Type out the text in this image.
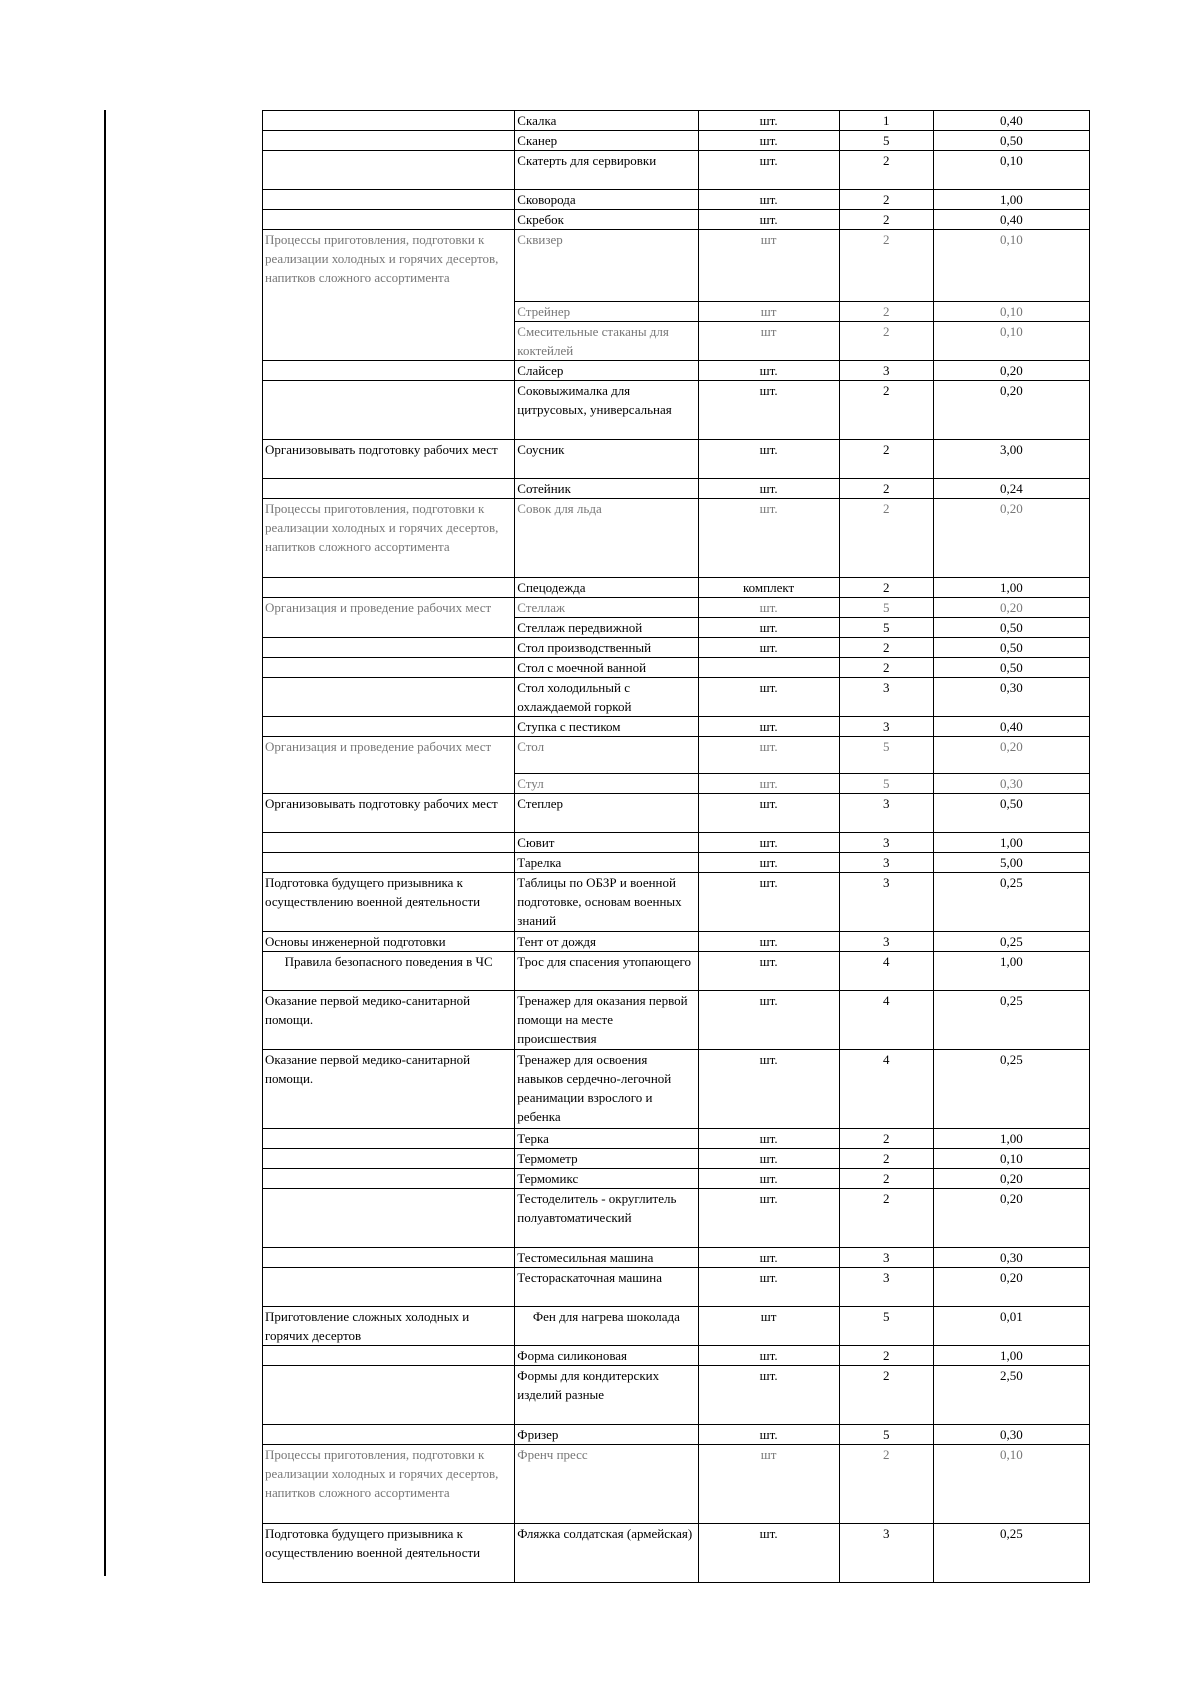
	Скалка	шт.	1	0,40
	Сканер	шт.	5	0,50
	Скатерть для сервировки	шт.	2	0,10
	Сковорода	шт.	2	1,00
	Скребок	шт.	2	0,40
Процессы приготовления, подготовки к реализации холодных и горячих десертов, напитков сложного ассортимента	Сквизер	шт	2	0,10
	Стрейнер	шт	2	0,10
	Смесительные стаканы для коктейлей	шт	2	0,10
	Слайсер	шт.	3	0,20
	Соковыжималка для цитрусовых, универсальная	шт.	2	0,20
Организовывать подготовку рабочих мест	Соусник	шт.	2	3,00
	Сотейник	шт.	2	0,24
Процессы приготовления, подготовки к реализации холодных и горячих десертов, напитков сложного ассортимента	Совок для льда	шт.	2	0,20
	Спецодежда	комплект	2	1,00
Организация и проведение рабочих мест	Стеллаж	шт.	5	0,20
	Стеллаж передвижной	шт.	5	0,50
	Стол производственный	шт.	2	0,50
	Стол с моечной ванной		2	0,50
	Стол холодильный с охлаждаемой горкой	шт.	3	0,30
	Ступка с пестиком	шт.	3	0,40
Организация и проведение рабочих мест	Стол	шт.	5	0,20
	Стул	шт.	5	0,30
Организовывать подготовку рабочих мест	Степлер	шт.	3	0,50
	Сювит	шт.	3	1,00
	Тарелка	шт.	3	5,00
Подготовка будущего призывника к осуществлению военной деятельности	Таблицы по ОБЗР и военной подготовке, основам военных знаний	шт.	3	0,25
Основы инженерной подготовки	Тент от дождя	шт.	3	0,25
Правила безопасного поведения в ЧС	Трос для спасения утопающего	шт.	4	1,00
Оказание первой медико-санитарной помощи.	Тренажер для оказания первой помощи на месте происшествия	шт.	4	0,25
Оказание первой медико-санитарной помощи.	Тренажер для освоения навыков сердечно-легочной реанимации взрослого и ребенка	шт.	4	0,25
	Терка	шт.	2	1,00
	Термометр	шт.	2	0,10
	Термомикс	шт.	2	0,20
	Тестоделитель - округлитель полуавтоматический	шт.	2	0,20
	Тестомесильная машина	шт.	3	0,30
	Тестораскаточная машина	шт.	3	0,20
Приготовление сложных холодных и горячих десертов	Фен для нагрева шоколада	шт	5	0,01
	Форма силиконовая	шт.	2	1,00
	Формы для кондитерских изделий разные	шт.	2	2,50
	Фризер	шт.	5	0,30
Процессы приготовления, подготовки к реализации холодных и горячих десертов, напитков сложного ассортимента	Френч пресс	шт	2	0,10
Подготовка будущего призывника к осуществлению военной деятельности	Фляжка солдатская (армейская)	шт.	3	0,25
